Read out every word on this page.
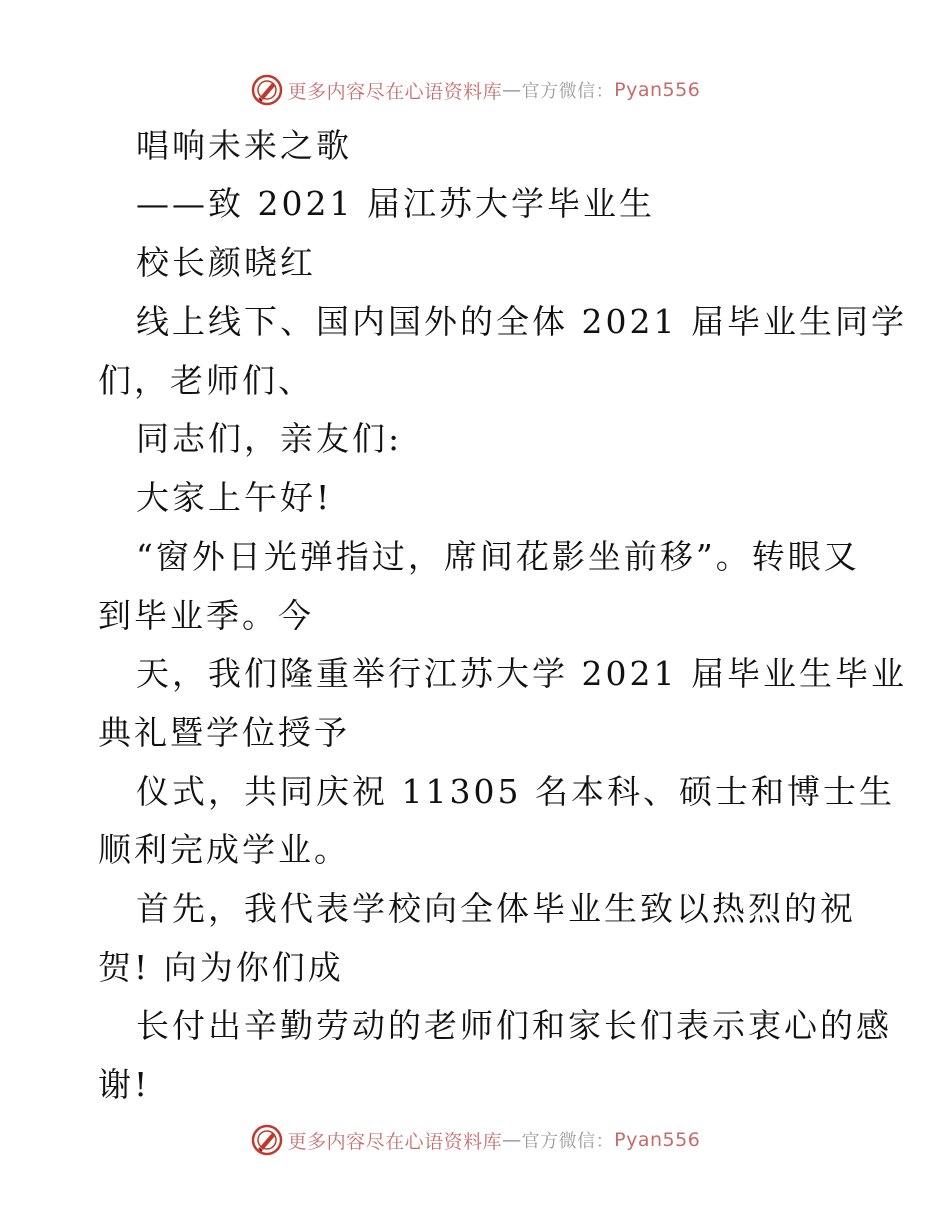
更多内容尽在心语资料库 — 官方微信： Pyan556
唱响未来之歌
——致 2021 届江苏大学毕业生
校长颜晓红
线上线下、国内国外的全体 2021 届毕业生同学
们，老师们、
同志们，亲友们:
大家上午好!
“窗外日光弹指过，席间花影坐前移”。转眼又
到毕业季。今
天，我们隆重举行江苏大学 2021 届毕业生毕业
典礼暨学位授予
仪式，共同庆祝 11305 名本科、硕士和博士生
顺利完成学业。
首先，我代表学校向全体毕业生致以热烈的祝
贺! 向为你们成
长付出辛勤劳动的老师们和家长们表示衷心的感
谢!
更多内容尽在心语资料库 — 官方微信： Pyan556
